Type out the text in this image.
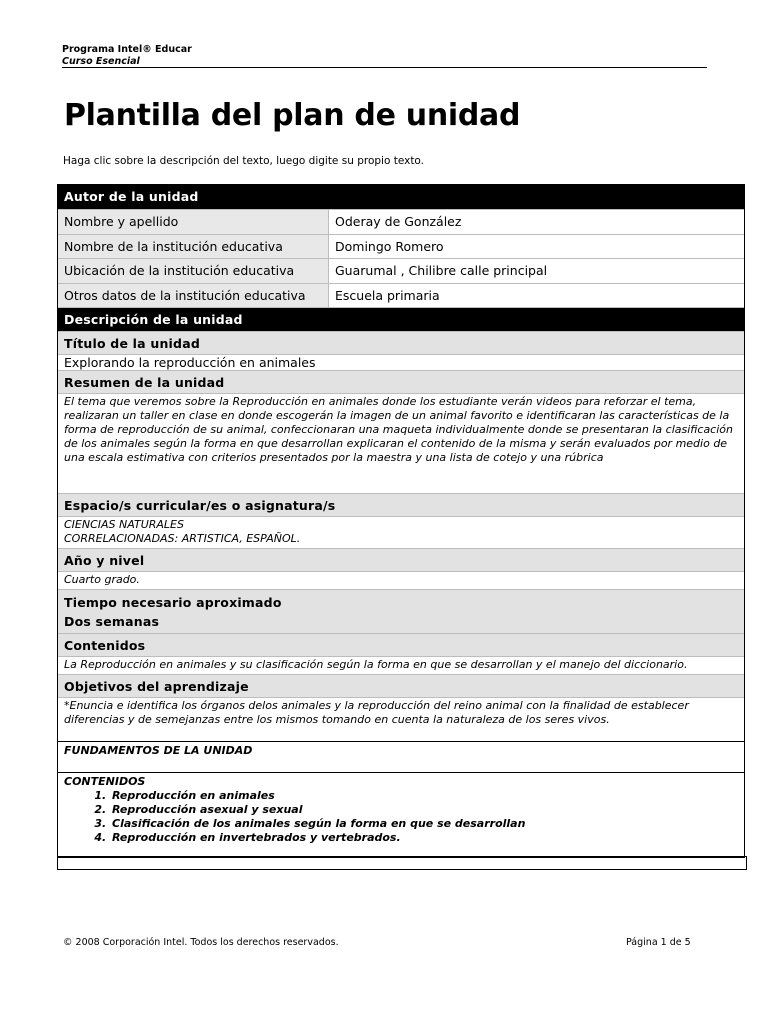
Programa Intel® Educar
Curso Esencial
Plantilla del plan de unidad
Haga clic sobre la descripción del texto, luego digite su propio texto.
Autor de la unidad
Nombre y apellido	Oderay de González
Nombre de la institución educativa	Domingo Romero
Ubicación de la institución educativa	Guarumal , Chilibre calle principal
Otros datos de la institución educativa	Escuela primaria
Descripción de la unidad
Título de la unidad
Explorando la reproducción en animales
Resumen de la unidad
El tema que veremos sobre la Reproducción en animales donde los estudiante verán videos para reforzar el tema, realizaran un taller en clase en donde escogerán la imagen de un animal favorito e identificaran las características de la forma de reproducción de su animal, confeccionaran una maqueta individualmente donde se presentaran la clasificación de los animales según la forma en que desarrollan explicaran el contenido de la misma y serán evaluados por medio de una escala estimativa con criterios presentados por la maestra y una lista de cotejo y una rúbrica
Espacio/s curricular/es o asignatura/s
CIENCIAS NATURALES
CORRELACIONADAS: ARTISTICA, ESPAÑOL.
Año y nivel
Cuarto grado.
Tiempo necesario aproximado
Dos semanas
Contenidos
La Reproducción en animales y su clasificación según la forma en que se desarrollan y el manejo del diccionario.
Objetivos del aprendizaje
*Enuncia e identifica los órganos delos animales y la reproducción del reino animal con la finalidad de establecer diferencias y de semejanzas entre los mismos tomando en cuenta la naturaleza de los seres vivos.
FUNDAMENTOS DE LA UNIDAD
CONTENIDOS
1. Reproducción en animales
2. Reproducción asexual y sexual
3. Clasificación de los animales según la forma en que se desarrollan
4. Reproducción en invertebrados y vertebrados.
© 2008 Corporación Intel. Todos los derechos reservados.	Página 1 de 5
